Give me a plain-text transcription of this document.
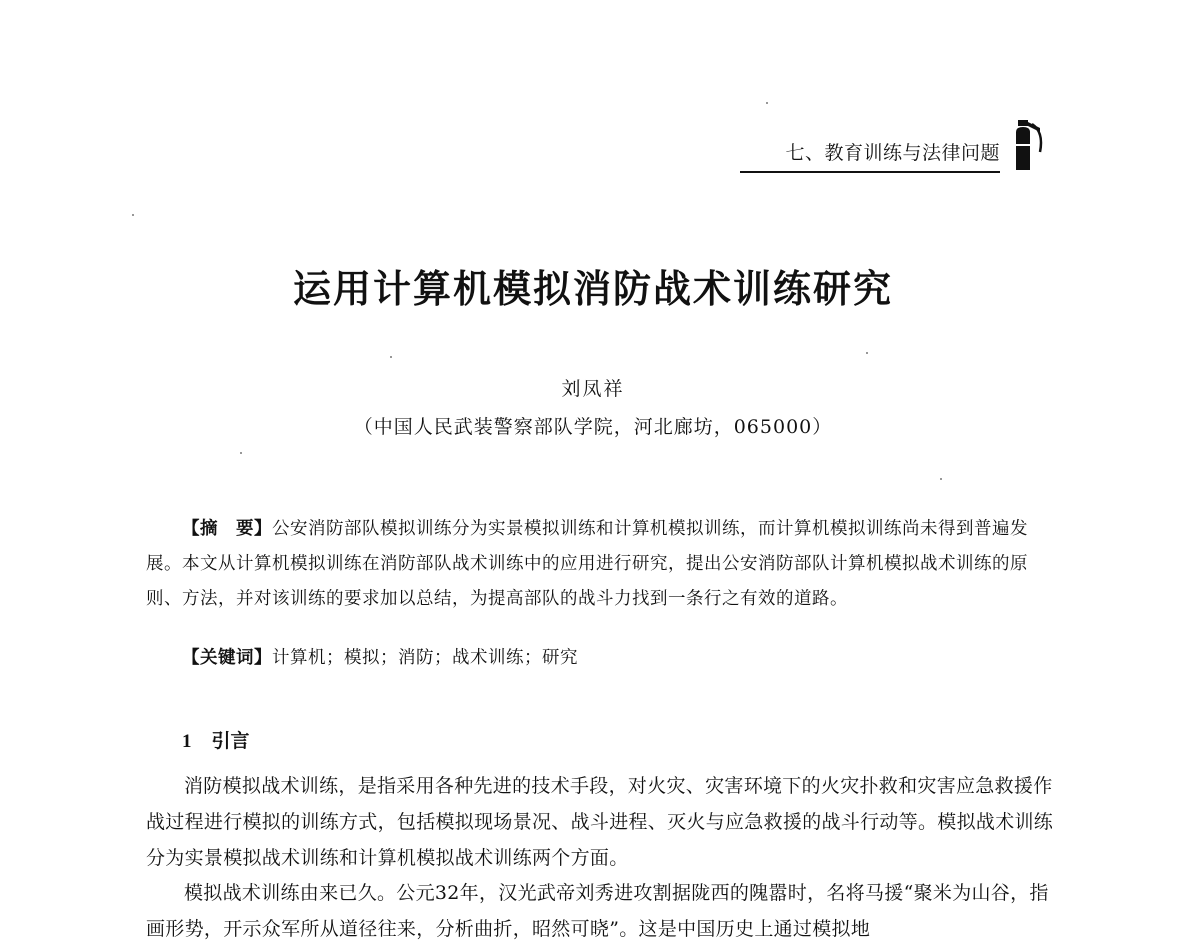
七、教育训练与法律问题
运用计算机模拟消防战术训练研究
刘凤祥
（中国人民武装警察部队学院，河北廊坊，065000）

【摘　要】公安消防部队模拟训练分为实景模拟训练和计算机模拟训练，而计算机模拟训练尚未得到普遍发展。本文从计算机模拟训练在消防部队战术训练中的应用进行研究，提出公安消防部队计算机模拟战术训练的原则、方法，并对该训练的要求加以总结，为提高部队的战斗力找到一条行之有效的道路。

【关键词】计算机；模拟；消防；战术训练；研究

1 引言

消防模拟战术训练，是指采用各种先进的技术手段，对火灾、灾害环境下的火灾扑救和灾害应急救援作战过程进行模拟的训练方式，包括模拟现场景况、战斗进程、灭火与应急救援的战斗行动等。模拟战术训练分为实景模拟战术训练和计算机模拟战术训练两个方面。

模拟战术训练由来已久。公元32年，汉光武帝刘秀进攻割据陇西的隗嚣时，名将马援“聚米为山谷，指画形势，开示众军所从道径往来，分析曲折，昭然可晓”。这是中国历史上通过模拟地
